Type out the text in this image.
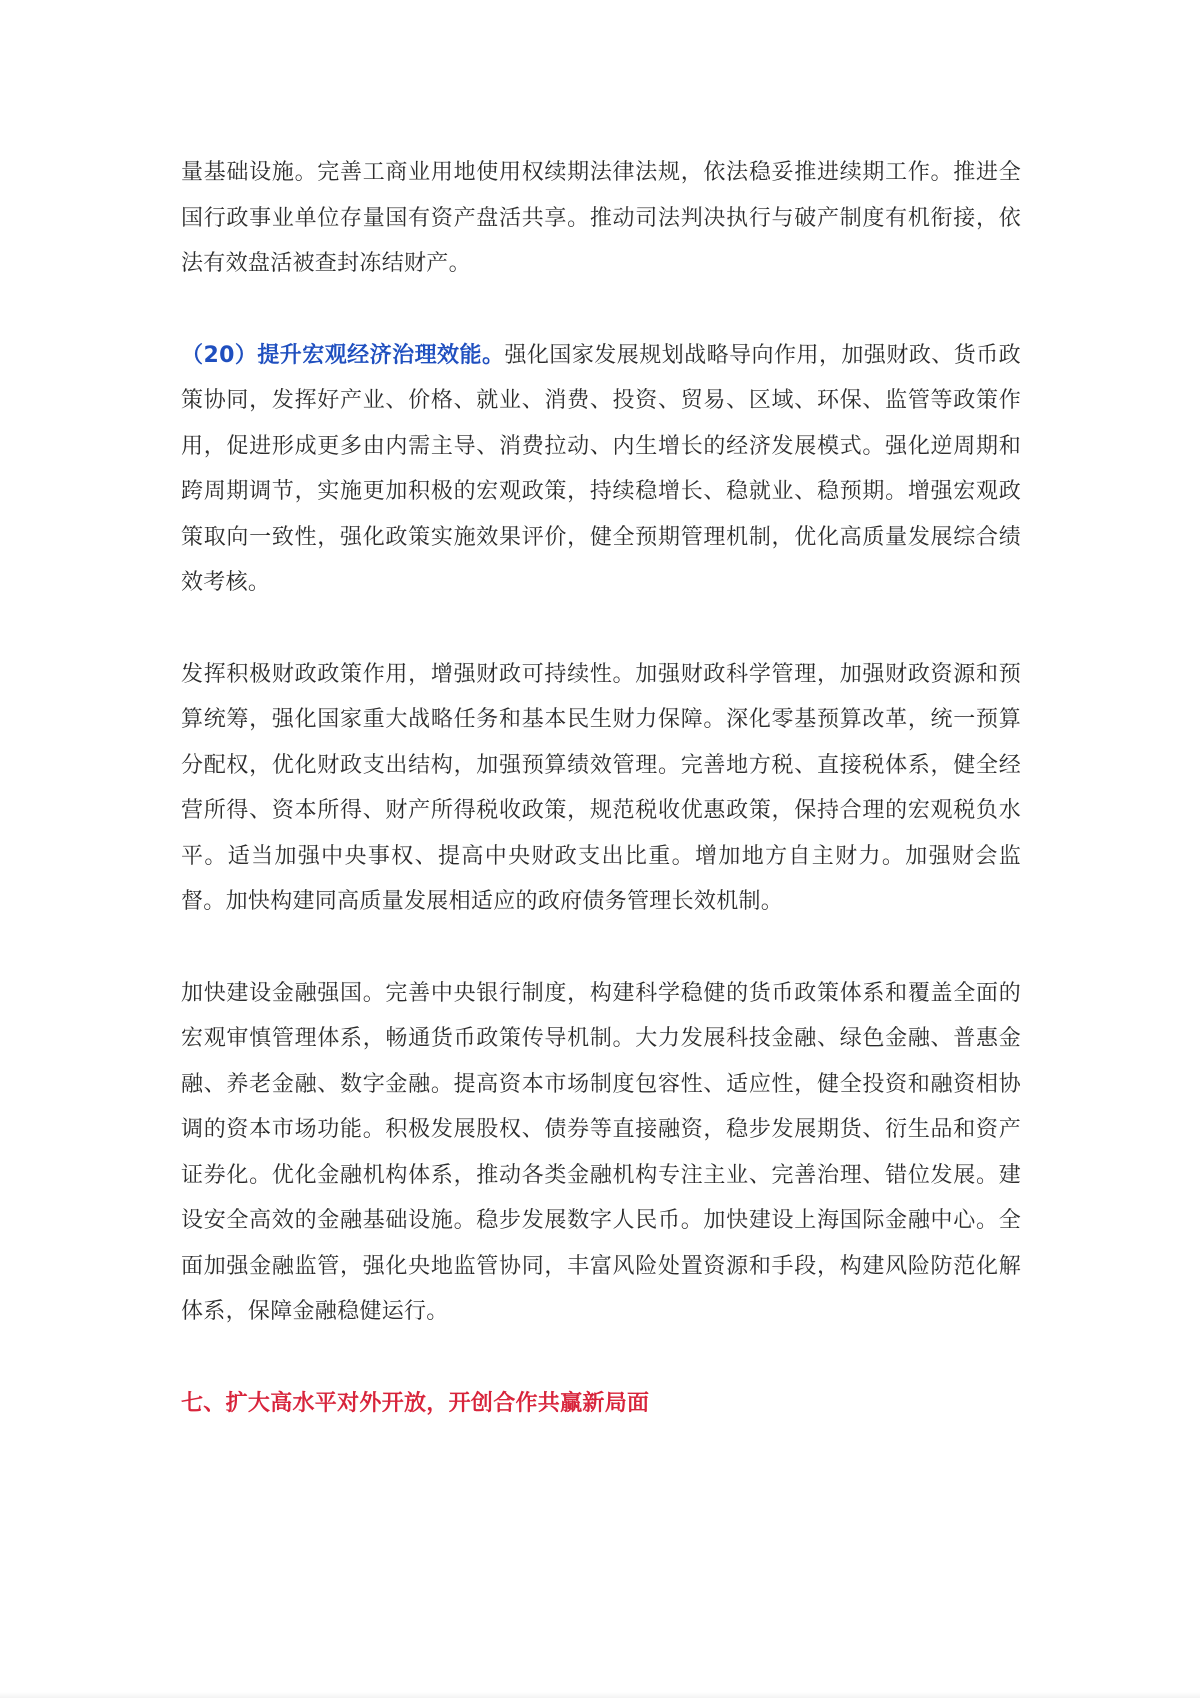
量基础设施。完善工商业用地使用权续期法律法规，依法稳妥推进续期工作。推进全国行政事业单位存量国有资产盘活共享。推动司法判决执行与破产制度有机衔接，依法有效盘活被查封冻结财产。

（20）提升宏观经济治理效能。强化国家发展规划战略导向作用，加强财政、货币政策协同，发挥好产业、价格、就业、消费、投资、贸易、区域、环保、监管等政策作用，促进形成更多由内需主导、消费拉动、内生增长的经济发展模式。强化逆周期和跨周期调节，实施更加积极的宏观政策，持续稳增长、稳就业、稳预期。增强宏观政策取向一致性，强化政策实施效果评价，健全预期管理机制，优化高质量发展综合绩效考核。

发挥积极财政政策作用，增强财政可持续性。加强财政科学管理，加强财政资源和预算统筹，强化国家重大战略任务和基本民生财力保障。深化零基预算改革，统一预算分配权，优化财政支出结构，加强预算绩效管理。完善地方税、直接税体系，健全经营所得、资本所得、财产所得税收政策，规范税收优惠政策，保持合理的宏观税负水平。适当加强中央事权、提高中央财政支出比重。增加地方自主财力。加强财会监督。加快构建同高质量发展相适应的政府债务管理长效机制。

加快建设金融强国。完善中央银行制度，构建科学稳健的货币政策体系和覆盖全面的宏观审慎管理体系，畅通货币政策传导机制。大力发展科技金融、绿色金融、普惠金融、养老金融、数字金融。提高资本市场制度包容性、适应性，健全投资和融资相协调的资本市场功能。积极发展股权、债券等直接融资，稳步发展期货、衍生品和资产证券化。优化金融机构体系，推动各类金融机构专注主业、完善治理、错位发展。建设安全高效的金融基础设施。稳步发展数字人民币。加快建设上海国际金融中心。全面加强金融监管，强化央地监管协同，丰富风险处置资源和手段，构建风险防范化解体系，保障金融稳健运行。

七、扩大高水平对外开放，开创合作共赢新局面
